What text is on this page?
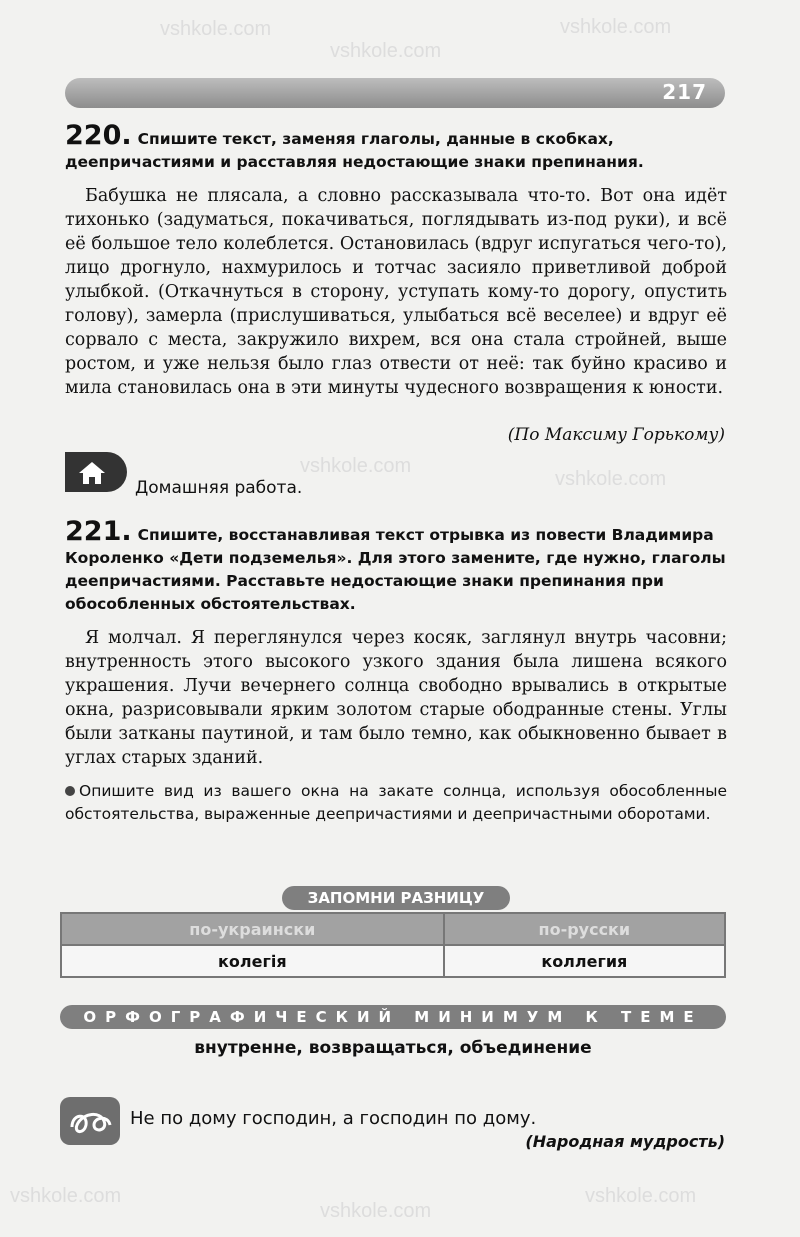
vshkole.com
vshkole.com
vshkole.com
vshkole.com
vshkole.com
vshkole.com
vshkole.com
vshkole.com
217
220. Спишите текст, заменяя глаголы, данные в скобках, деепричастиями и расставляя недостающие знаки препинания.

Бабушка не плясала, а словно рассказывала что-то. Вот она идёт тихонько (задуматься, покачиваться, поглядывать из-под руки), и всё её большое тело колеблется. Остановилась (вдруг испугаться чего-то), лицо дрогнуло, нахмурилось и тотчас засияло приветливой доброй улыбкой. (Откачнуться в сторону, уступать кому-то дорогу, опустить голову), замерла (прислушиваться, улыбаться всё веселее) и вдруг её сорвало с места, закружило вихрем, вся она стала стройней, выше ростом, и уже нельзя было глаз отвести от неё: так буйно красиво и мила становилась она в эти минуты чудесного возвращения к юности.

(По Максиму Горькому)
Домашняя работа.
221. Спишите, восстанавливая текст отрывка из повести Владимира Короленко «Дети подземелья». Для этого замените, где нужно, глаголы деепричастиями. Расставьте недостающие знаки препинания при обособленных обстоятельствах.

Я молчал. Я переглянулся через косяк, заглянул внутрь часовни; внутренность этого высокого узкого здания была лишена всякого украшения. Лучи вечернего солнца свободно врывались в открытые окна, разрисовывали ярким золотом старые ободранные стены. Углы были затканы паутиной, и там было темно, как обыкновенно бывает в углах старых зданий.

Опишите вид из вашего окна на закате солнца, используя обособленные обстоятельства, выраженные деепричастиями и деепричастными оборотами.
ЗАПОМНИ РАЗНИЦУ
по-украински	по-русски
колегія	коллегия
ОРФОГРАФИЧЕСКИЙ МИНИМУМ К ТЕМЕ
внутренне, возвращаться, объединение
Не по дому господин, а господин по дому.
(Народная мудрость)
